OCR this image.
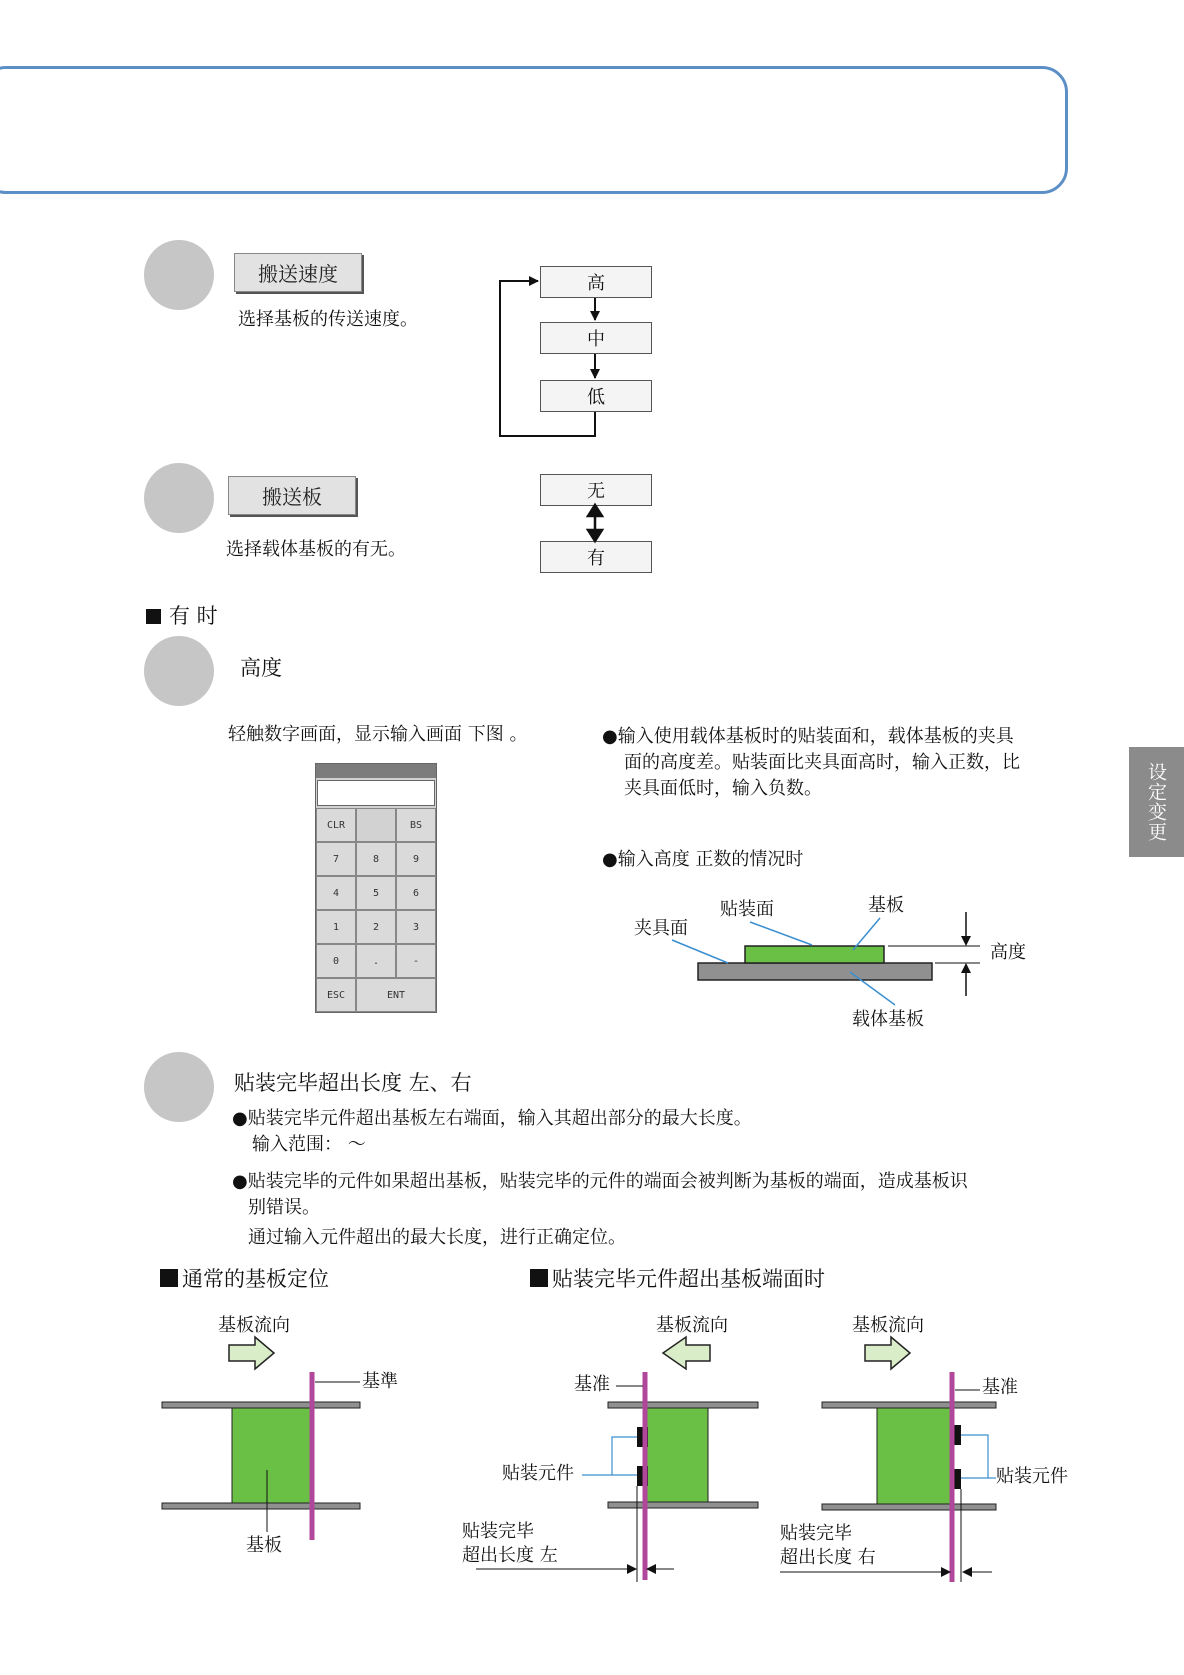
设定变更
搬送速度
选择基板的传送速度。
高
中
低
搬送板
选择载体基板的有无。
无
有
有 时
高度
轻触数字画面，显示输入画面 下图 。
CLR	BS
7	8	9
4	5	6
1	2	3
0	.	-
ESC	ENT
●输入使用载体基板时的贴装面和，载体基板的夹具
面的高度差。贴装面比夹具面高时，输入正数，比
夹具面低时，输入负数。
●输入高度 正数的情况时
贴装面	基板
夹具面
高度
载体基板
贴装完毕超出长度 左、右
●贴装完毕元件超出基板左右端面，输入其超出部分的最大长度。
输入范围： ～
●贴装完毕的元件如果超出基板，贴装完毕的元件的端面会被判断为基板的端面，造成基板识
别错误。
通过输入元件超出的最大长度，进行正确定位。
通常的基板定位	贴装完毕元件超出基板端面时
基板流向	基板流向	基板流向
基準	基准	基准
贴装元件	贴装元件
基板
贴装完毕
超出长度 左
贴装完毕
超出长度 右
